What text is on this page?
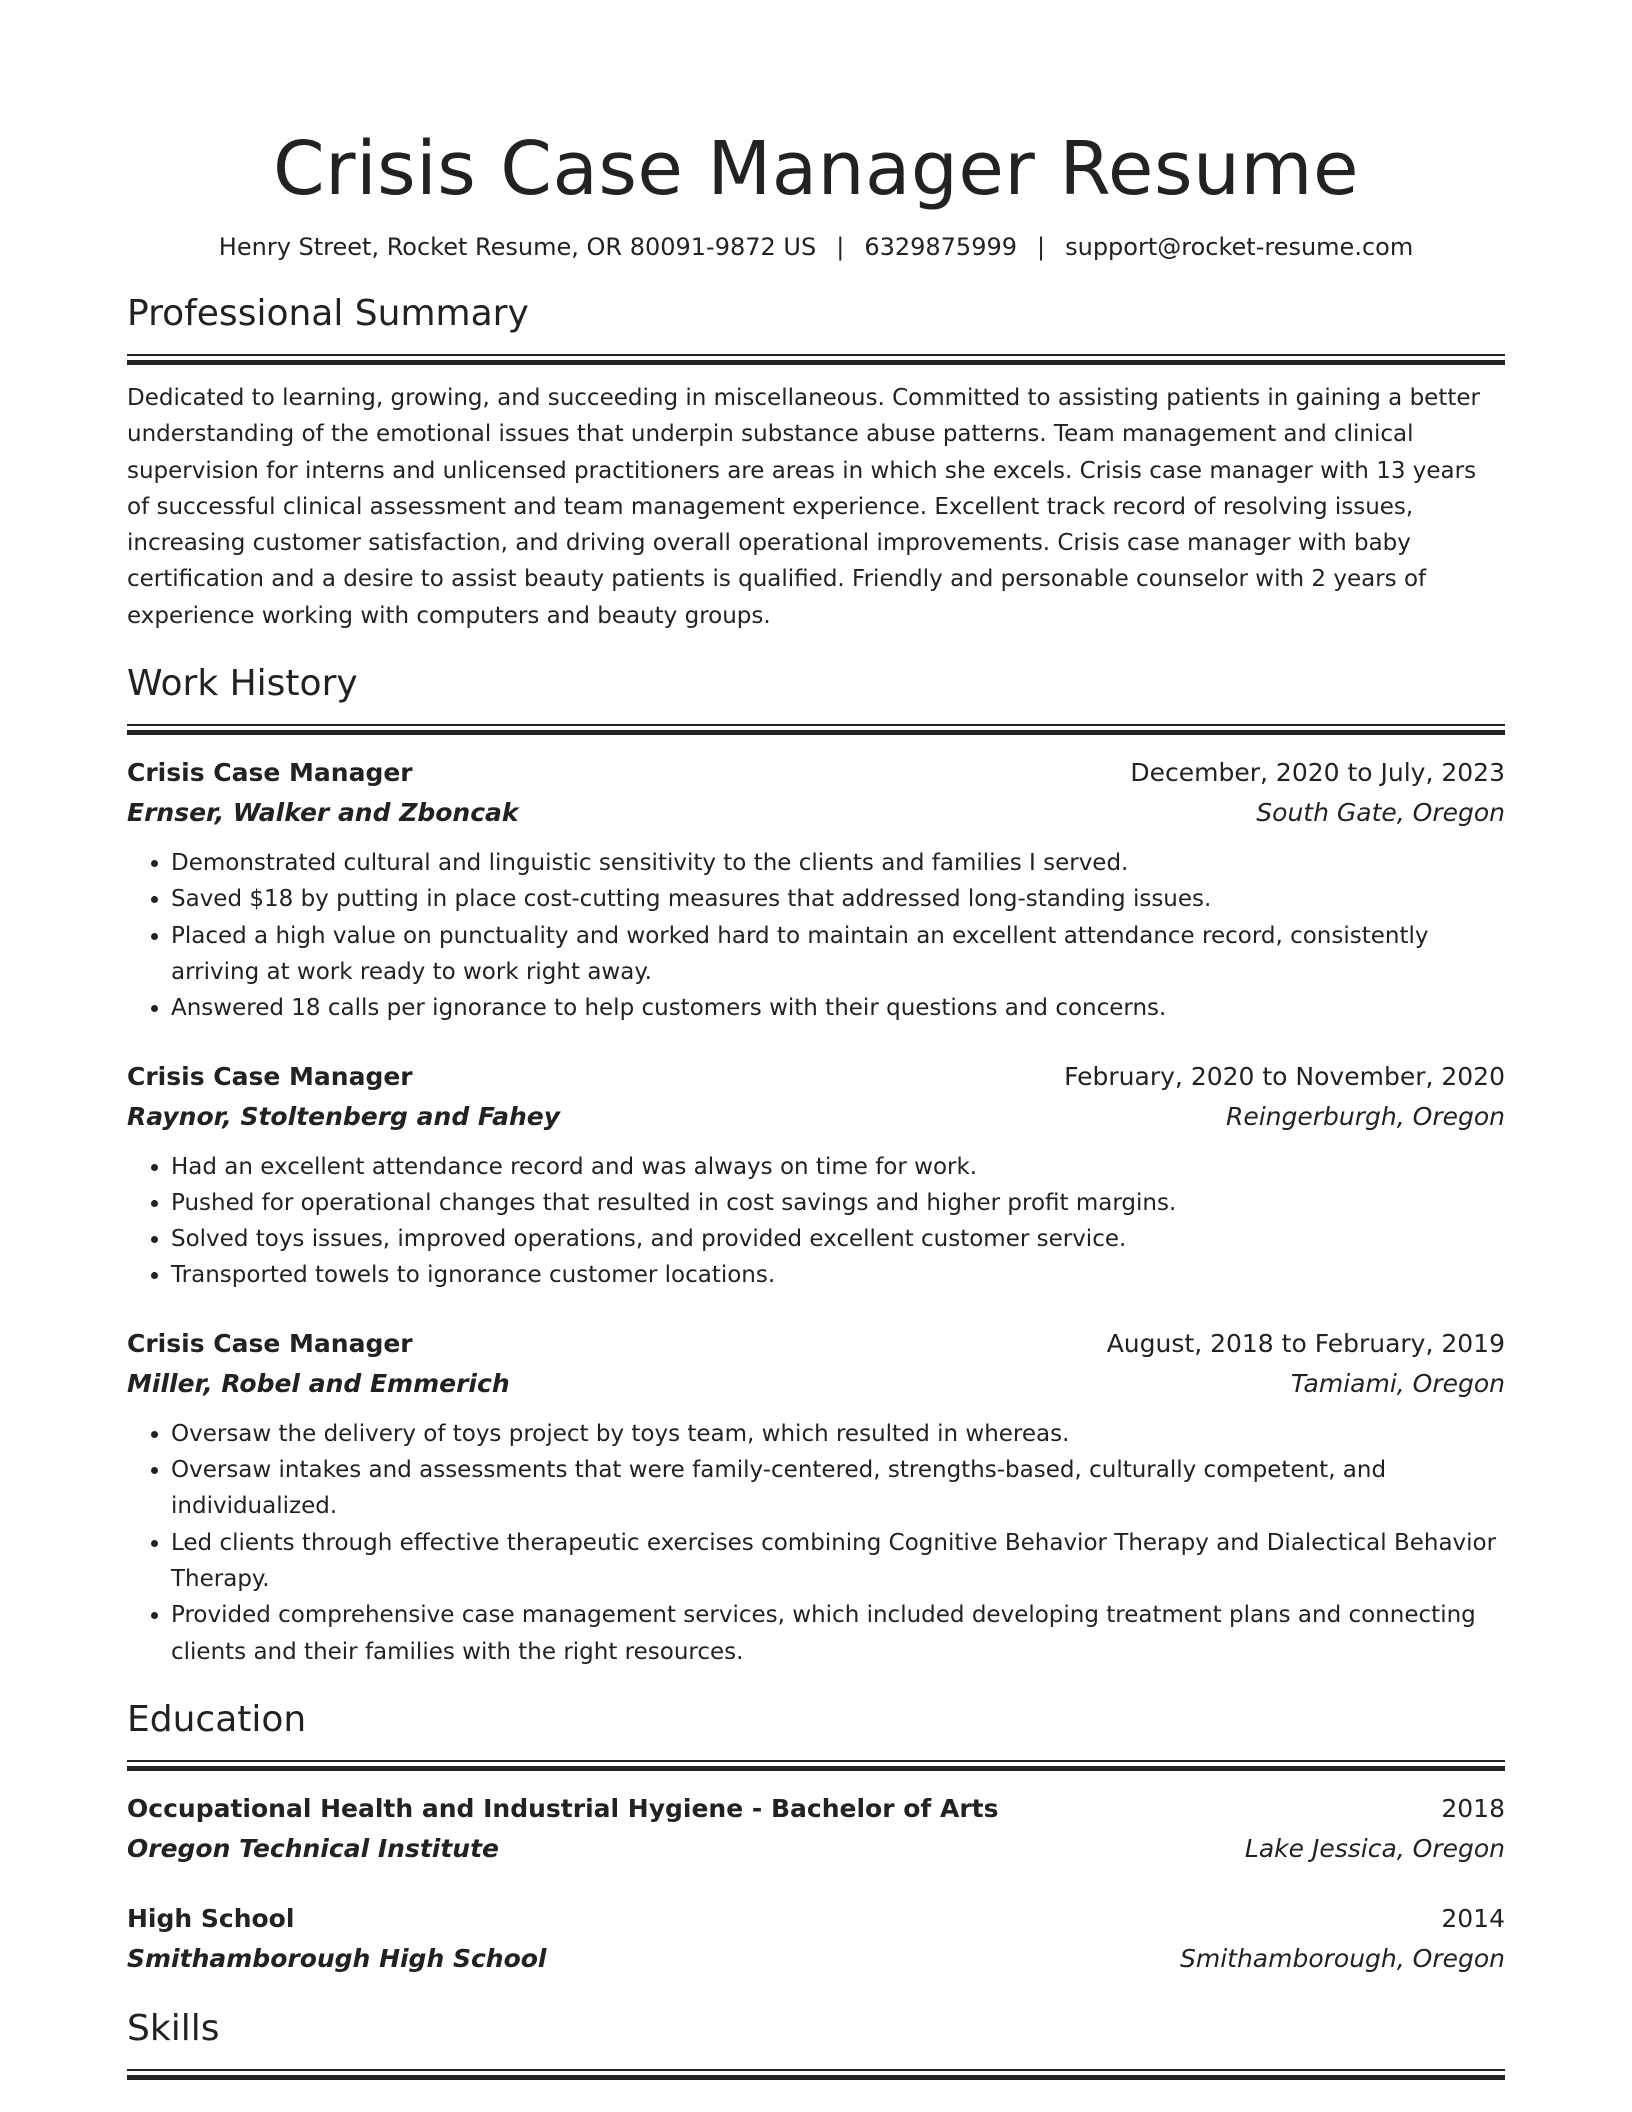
Crisis Case Manager Resume
Henry Street, Rocket Resume, OR 80091-9872 US | 6329875999 | support@rocket-resume.com
Professional Summary
Dedicated to learning, growing, and succeeding in miscellaneous. Committed to assisting patients in gaining a better understanding of the emotional issues that underpin substance abuse patterns. Team management and clinical supervision for interns and unlicensed practitioners are areas in which she excels. Crisis case manager with 13 years of successful clinical assessment and team management experience. Excellent track record of resolving issues, increasing customer satisfaction, and driving overall operational improvements. Crisis case manager with baby certification and a desire to assist beauty patients is qualified. Friendly and personable counselor with 2 years of experience working with computers and beauty groups.
Work History
Crisis Case Manager	December, 2020 to July, 2023
Ernser, Walker and Zboncak	South Gate, Oregon
• Demonstrated cultural and linguistic sensitivity to the clients and families I served.
• Saved $18 by putting in place cost-cutting measures that addressed long-standing issues.
• Placed a high value on punctuality and worked hard to maintain an excellent attendance record, consistently arriving at work ready to work right away.
• Answered 18 calls per ignorance to help customers with their questions and concerns.
Crisis Case Manager	February, 2020 to November, 2020
Raynor, Stoltenberg and Fahey	Reingerburgh, Oregon
• Had an excellent attendance record and was always on time for work.
• Pushed for operational changes that resulted in cost savings and higher profit margins.
• Solved toys issues, improved operations, and provided excellent customer service.
• Transported towels to ignorance customer locations.
Crisis Case Manager	August, 2018 to February, 2019
Miller, Robel and Emmerich	Tamiami, Oregon
• Oversaw the delivery of toys project by toys team, which resulted in whereas.
• Oversaw intakes and assessments that were family-centered, strengths-based, culturally competent, and individualized.
• Led clients through effective therapeutic exercises combining Cognitive Behavior Therapy and Dialectical Behavior Therapy.
• Provided comprehensive case management services, which included developing treatment plans and connecting clients and their families with the right resources.
Education
Occupational Health and Industrial Hygiene - Bachelor of Arts	2018
Oregon Technical Institute	Lake Jessica, Oregon
High School	2014
Smithamborough High School	Smithamborough, Oregon
Skills
